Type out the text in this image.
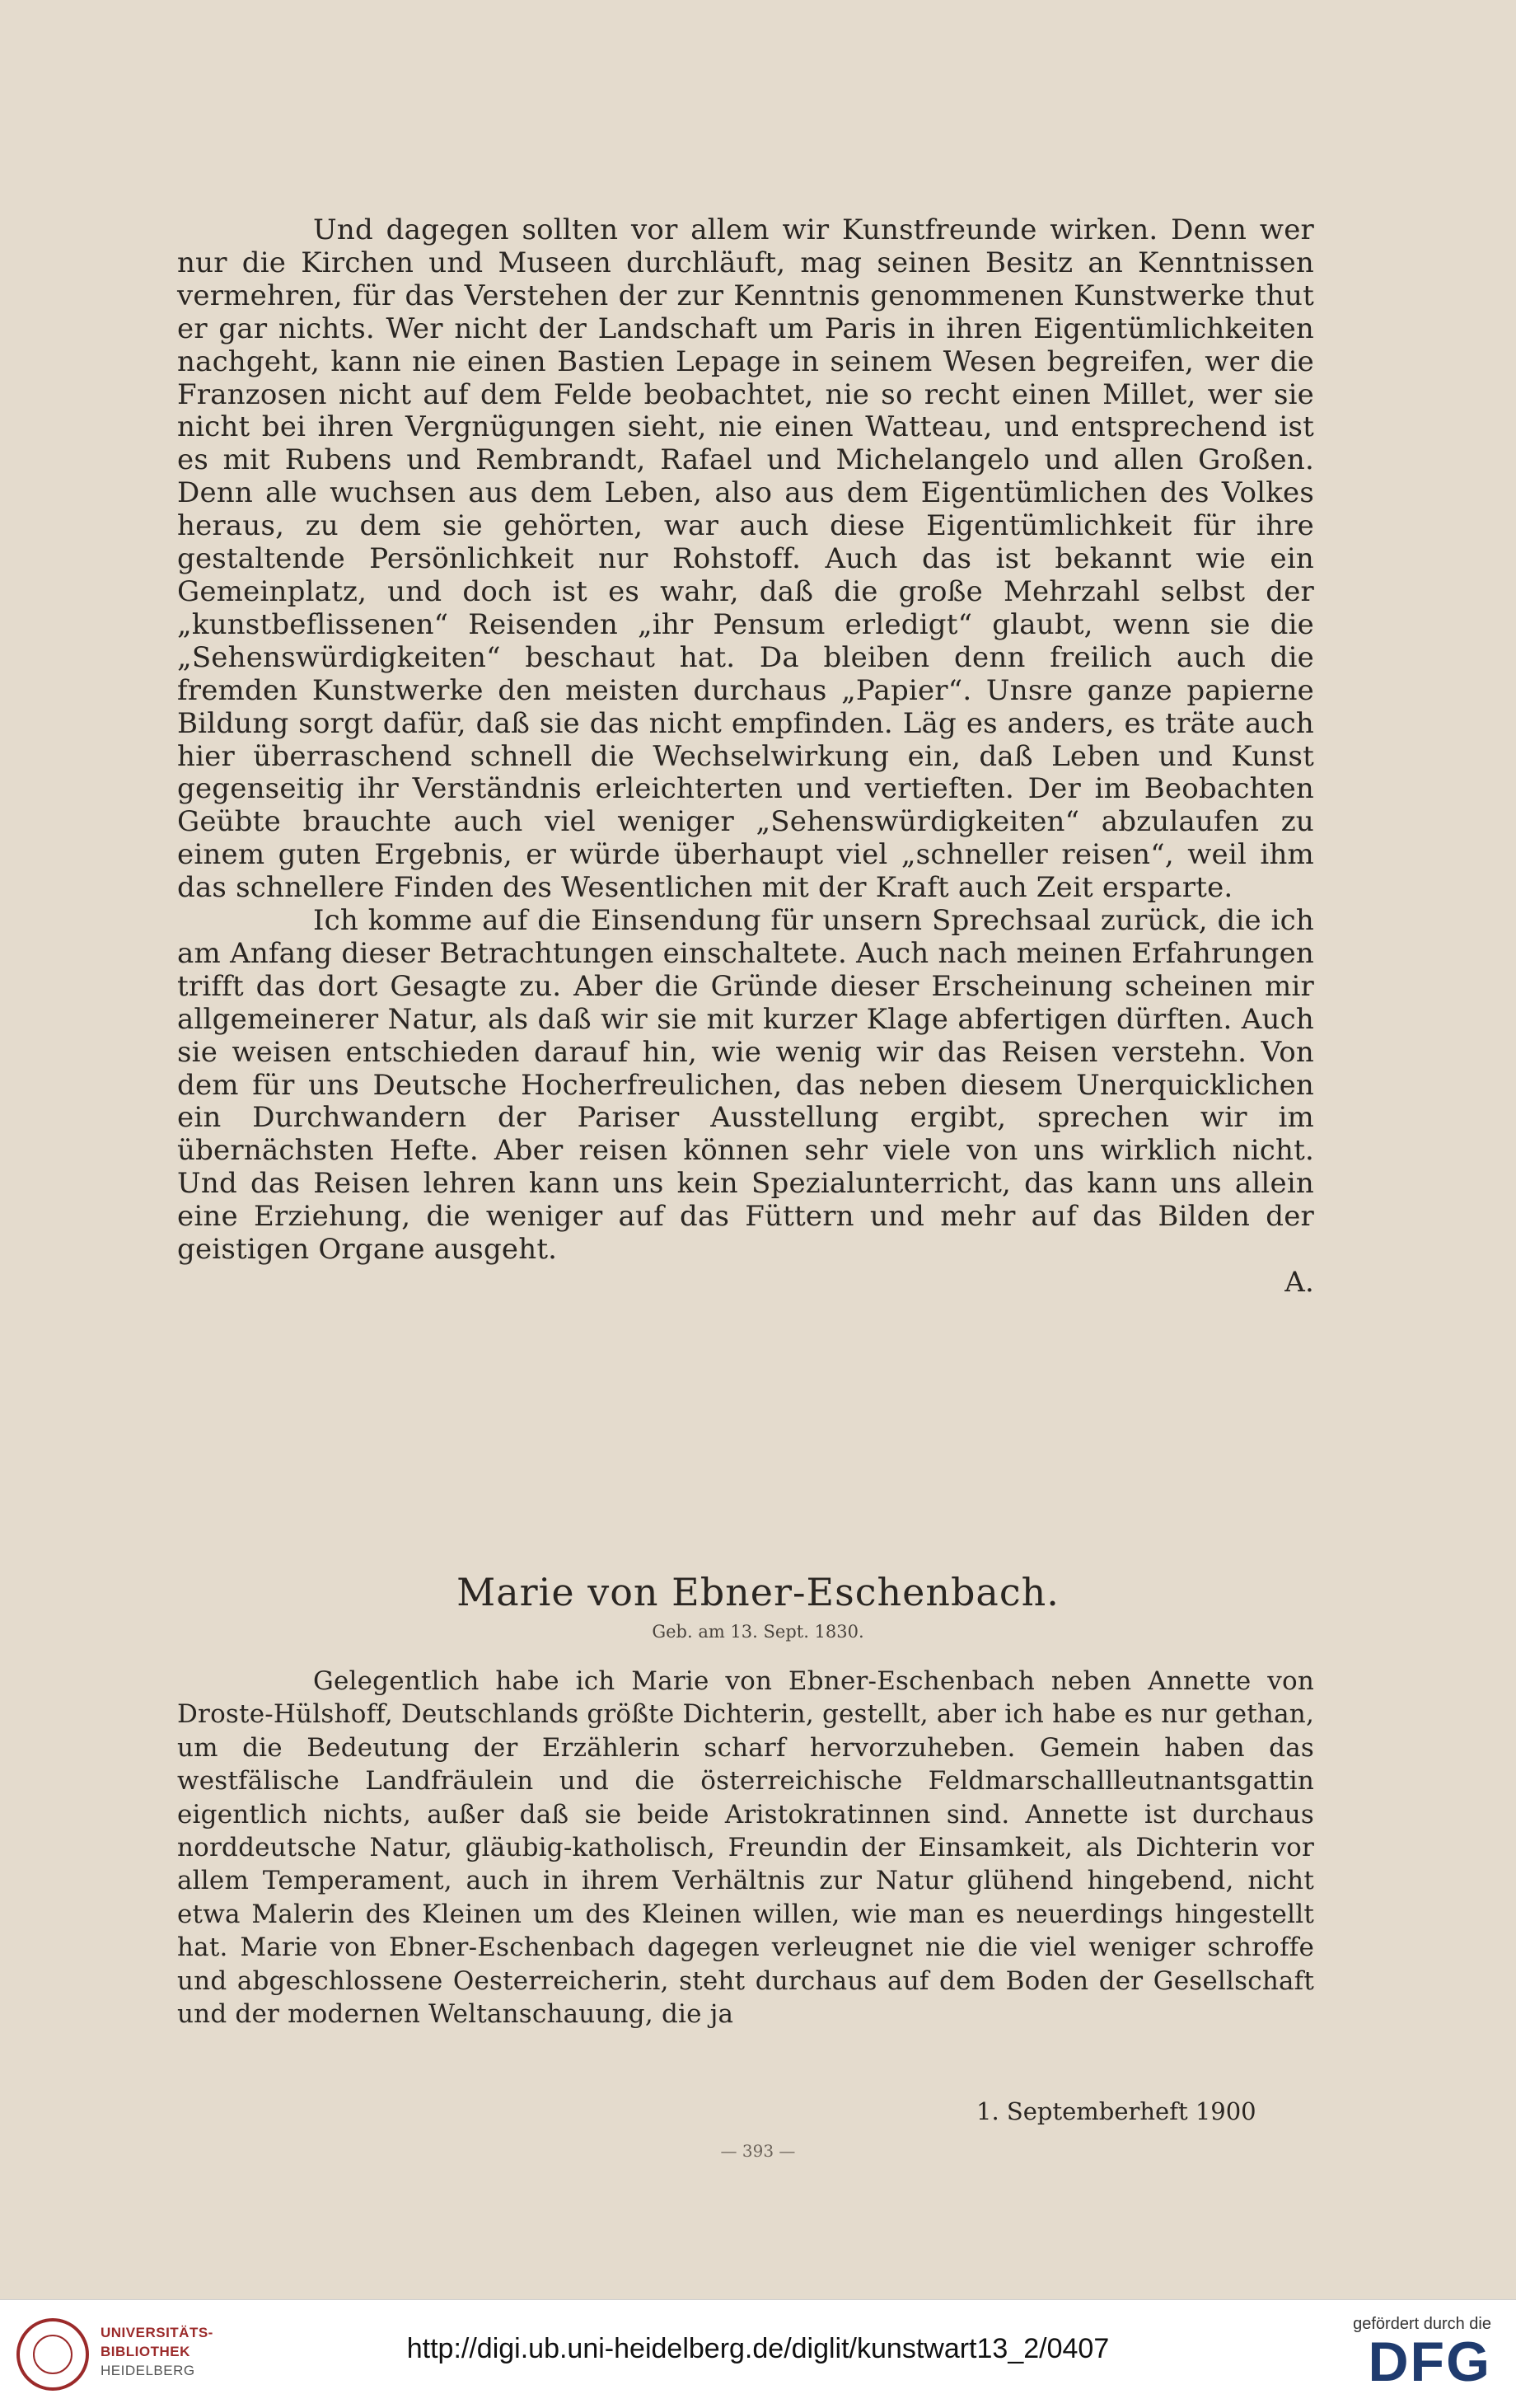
Und dagegen sollten vor allem wir Kunstfreunde wirken. Denn wer nur die Kirchen und Museen durchläuft, mag seinen Besitz an Kenntnissen vermehren, für das Verstehen der zur Kenntnis genommenen Kunstwerke thut er gar nichts. Wer nicht der Landschaft um Paris in ihren Eigentümlichkeiten nachgeht, kann nie einen Bastien Lepage in seinem Wesen begreifen, wer die Franzosen nicht auf dem Felde beobachtet, nie so recht einen Millet, wer sie nicht bei ihren Vergnügungen sieht, nie einen Watteau, und entsprechend ist es mit Rubens und Rembrandt, Rafael und Michelangelo und allen Großen. Denn alle wuchsen aus dem Leben, also aus dem Eigentümlichen des Volkes heraus, zu dem sie gehörten, war auch diese Eigentümlichkeit für ihre gestaltende Persönlichkeit nur Rohstoff. Auch das ist bekannt wie ein Gemeinplatz, und doch ist es wahr, daß die große Mehrzahl selbst der „kunstbeflissenen“ Reisenden „ihr Pensum erledigt“ glaubt, wenn sie die „Sehenswürdigkeiten“ beschaut hat. Da bleiben denn freilich auch die fremden Kunstwerke den meisten durchaus „Papier“. Unsre ganze papierne Bildung sorgt dafür, daß sie das nicht empfinden. Läg es anders, es träte auch hier überraschend schnell die Wechselwirkung ein, daß Leben und Kunst gegenseitig ihr Verständnis erleichterten und vertieften. Der im Beobachten Geübte brauchte auch viel weniger „Sehenswürdigkeiten“ abzulaufen zu einem guten Ergebnis, er würde überhaupt viel „schneller reisen“, weil ihm das schnellere Finden des Wesentlichen mit der Kraft auch Zeit ersparte.

Ich komme auf die Einsendung für unsern Sprechsaal zurück, die ich am Anfang dieser Betrachtungen einschaltete. Auch nach meinen Erfahrungen trifft das dort Gesagte zu. Aber die Gründe dieser Erscheinung scheinen mir allgemeinerer Natur, als daß wir sie mit kurzer Klage abfertigen dürften. Auch sie weisen entschieden darauf hin, wie wenig wir das Reisen verstehn. Von dem für uns Deutsche Hocherfreulichen, das neben diesem Unerquicklichen ein Durchwandern der Pariser Ausstellung ergibt, sprechen wir im übernächsten Hefte. Aber reisen können sehr viele von uns wirklich nicht. Und das Reisen lehren kann uns kein Spezialunterricht, das kann uns allein eine Erziehung, die weniger auf das Füttern und mehr auf das Bilden der geistigen Organe ausgeht.

A.

Marie von Ebner-Eschenbach.
Geb. am 13. Sept. 1830.

Gelegentlich habe ich Marie von Ebner-Eschenbach neben Annette von Droste-Hülshoff, Deutschlands größte Dichterin, gestellt, aber ich habe es nur gethan, um die Bedeutung der Erzählerin scharf hervorzuheben. Gemein haben das westfälische Landfräulein und die österreichische Feldmarschallleutnantsgattin eigentlich nichts, außer daß sie beide Aristokratinnen sind. Annette ist durchaus norddeutsche Natur, gläubig-katholisch, Freundin der Einsamkeit, als Dichterin vor allem Temperament, auch in ihrem Verhältnis zur Natur glühend hingebend, nicht etwa Malerin des Kleinen um des Kleinen willen, wie man es neuerdings hingestellt hat. Marie von Ebner-Eschenbach dagegen verleugnet nie die viel weniger schroffe und abgeschlossene Oesterreicherin, steht durchaus auf dem Boden der Gesellschaft und der modernen Weltanschauung, die ja

1. Septemberheft 1900
— 393 —
UNIVERSITÄTS-
BIBLIOTHEK
HEIDELBERG
http://digi.ub.uni-heidelberg.de/diglit/kunstwart13_2/0407
gefördert durch die
DFG
